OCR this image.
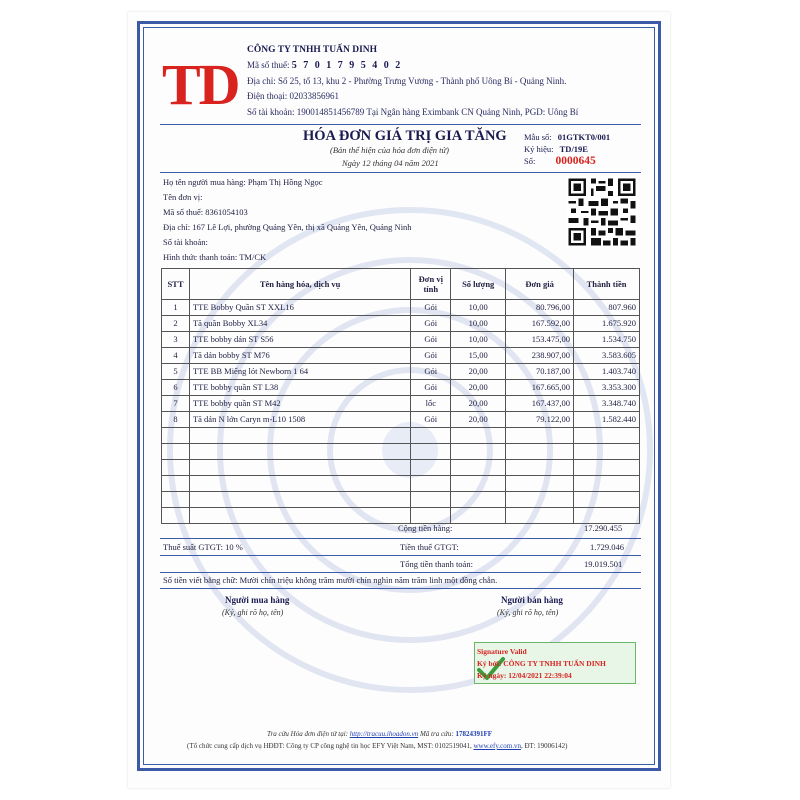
TD
CÔNG TY TNHH TUẤN DINH
Mã số thuế: 5 7 0 1 7 9 5 4 0 2
Địa chỉ: Số 25, tổ 13, khu 2 - Phường Trưng Vương - Thành phố Uông Bí - Quảng Ninh.
Điện thoại: 02033856961
Số tài khoản: 190014851456789 Tại Ngân hàng Eximbank CN Quảng Ninh, PGD: Uông Bí
HÓA ĐƠN GIÁ TRỊ GIA TĂNG
(Bản thể hiện của hóa đơn điện tử)
Ngày 12 tháng 04 năm 2021
Mẫu số: 01GTKT0/001
Ký hiệu: TD/19E
Số: 0000645
Họ tên người mua hàng: Phạm Thị Hồng Ngọc
Tên đơn vị:
Mã số thuế: 8361054103
Địa chỉ: 167 Lê Lợi, phường Quảng Yên, thị xã Quảng Yên, Quảng Ninh
Số tài khoản:
Hình thức thanh toán: TM/CK
STT	Tên hàng hóa, dịch vụ	Đơn vị tính	Số lượng	Đơn giá	Thành tiền
1	TTE Bobby Quần ST XXL16	Gói	10,00	80.796,00	807.960
2	Tã quần Bobby XL34	Gói	10,00	167.592,00	1.675.920
3	TTE bobby dán ST S56	Gói	10,00	153.475,00	1.534.750
4	Tã dán bobby ST M76	Gói	15,00	238.907,00	3.583.605
5	TTE BB Miếng lót Newborn 1 64	Gói	20,00	70.187,00	1.403.740
6	TTE bobby quần ST L38	Gói	20,00	167.665,00	3.353.300
7	TTE bobby quần ST M42	lốc	20,00	167.437,00	3.348.740
8	Tã dán N lớn Caryn m-L10 1508	Gói	20,00	79.122,00	1.582.440

Cộng tiền hàng:	17.290.455
Thuế suất GTGT: 10 %	Tiền thuế GTGT:	1.729.046
Tổng tiền thanh toán:	19.019.501
Số tiền viết bằng chữ: Mười chín triệu không trăm mười chín nghìn năm trăm linh một đồng chẵn.
Người mua hàng
(Ký, ghi rõ họ, tên)
Người bán hàng
(Ký, ghi rõ họ, tên)
Signature Valid
Ký bởi: CÔNG TY TNHH TUẤN DINH
Ký ngày: 12/04/2021 22:39:04
Tra cứu Hóa đơn điện tử tại: http://tracuu.ihoadon.vn Mã tra cứu: 17824391FF
(Tổ chức cung cấp dịch vụ HĐĐT: Công ty CP công nghệ tin học EFY Việt Nam, MST: 0102519041, www.efy.com.vn, ĐT: 19006142)
